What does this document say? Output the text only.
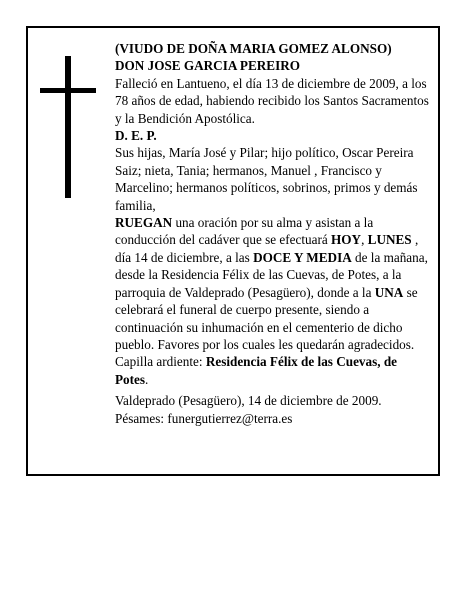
(VIUDO DE DOÑA MARIA GOMEZ ALONSO)

DON JOSE GARCIA PEREIRO

Falleció en Lantueno, el día 13 de diciembre de 2009, a los 78 años de edad, habiendo recibido los Santos Sacramentos y la Bendición Apostólica.

D. E. P.

Sus hijas, María José y Pilar; hijo político, Oscar Pereira Saiz; nieta, Tania; hermanos, Manuel , Francisco y Marcelino; hermanos políticos, sobrinos, primos y demás familia,

RUEGAN una oración por su alma y asistan a la conducción del cadáver que se efectuará HOY, LUNES , día 14 de diciembre, a las DOCE Y MEDIA de la mañana, desde la Residencia Félix de las Cuevas, de Potes, a la parroquia de Valdeprado (Pesagüero), donde a la UNA se celebrará el funeral de cuerpo presente, siendo a continuación su inhumación en el cementerio de dicho pueblo. Favores por los cuales les quedarán agradecidos.

Capilla ardiente: Residencia Félix de las Cuevas, de Potes.

Valdeprado (Pesagüero), 14 de diciembre de 2009.

Pésames: funergutierrez@terra.es
